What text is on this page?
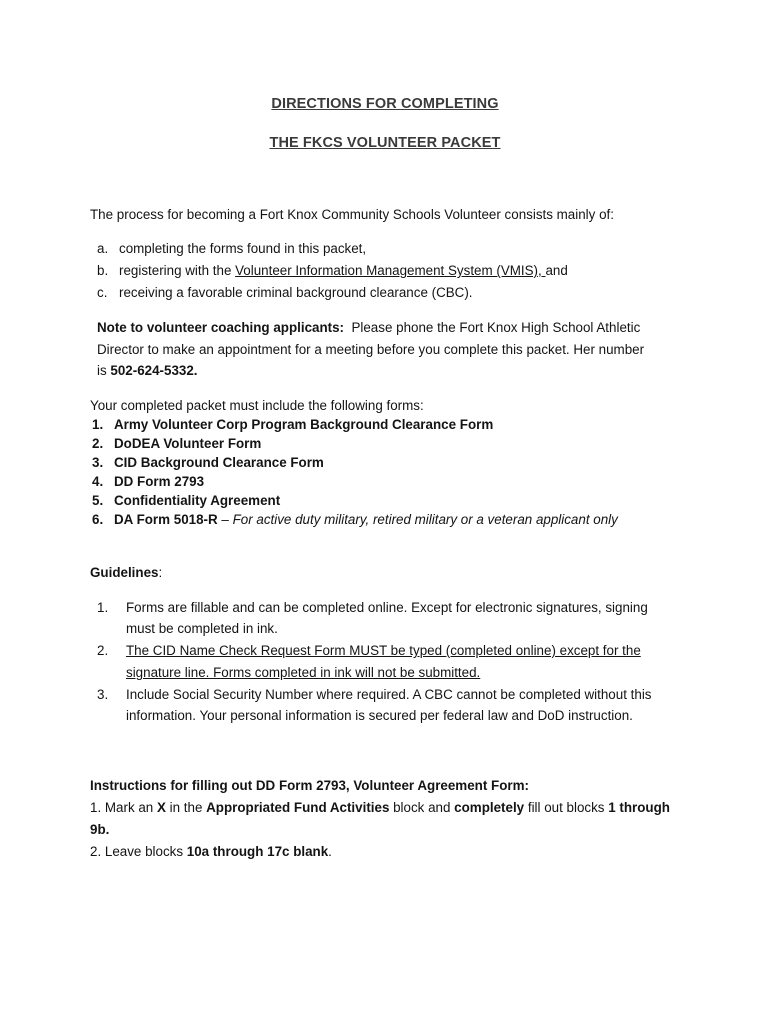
DIRECTIONS FOR COMPLETING
THE FKCS VOLUNTEER PACKET
The process for becoming a Fort Knox Community Schools Volunteer consists mainly of:
a. completing the forms found in this packet,
b. registering with the Volunteer Information Management System (VMIS), and
c. receiving a favorable criminal background clearance (CBC).
Note to volunteer coaching applicants:  Please phone the Fort Knox High School Athletic
Director to make an appointment for a meeting before you complete this packet. Her number
is 502-624-5332.
Your completed packet must include the following forms:
1. Army Volunteer Corp Program Background Clearance Form
2. DoDEA Volunteer Form
3. CID Background Clearance Form
4. DD Form 2793
5. Confidentiality Agreement
6. DA Form 5018-R – For active duty military, retired military or a veteran applicant only
Guidelines:
1. Forms are fillable and can be completed online. Except for electronic signatures, signing
must be completed in ink.
2. The CID Name Check Request Form MUST be typed (completed online) except for the
signature line. Forms completed in ink will not be submitted.
3. Include Social Security Number where required. A CBC cannot be completed without this
information. Your personal information is secured per federal law and DoD instruction.
Instructions for filling out DD Form 2793, Volunteer Agreement Form:
1. Mark an X in the Appropriated Fund Activities block and completely fill out blocks 1 through
9b.
2. Leave blocks 10a through 17c blank.
